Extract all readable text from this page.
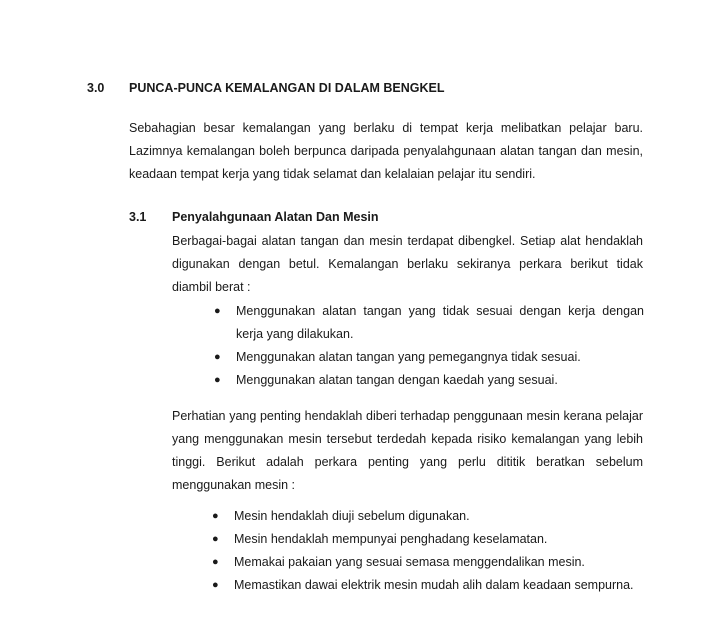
3.0 PUNCA-PUNCA KEMALANGAN DI DALAM BENGKEL
Sebahagian besar kemalangan yang berlaku di tempat kerja melibatkan pelajar baru. Lazimnya kemalangan boleh berpunca daripada penyalahgunaan alatan tangan dan mesin, keadaan tempat kerja yang tidak selamat dan kelalaian pelajar itu sendiri.
3.1 Penyalahgunaan Alatan Dan Mesin
Berbagai-bagai alatan tangan dan mesin terdapat dibengkel. Setiap alat hendaklah digunakan dengan betul. Kemalangan berlaku sekiranya perkara berikut tidak diambil berat :
● Menggunakan alatan tangan yang tidak sesuai dengan kerja dengan kerja yang dilakukan.
● Menggunakan alatan tangan yang pemegangnya tidak sesuai.
● Menggunakan alatan tangan dengan kaedah yang sesuai.
Perhatian yang penting hendaklah diberi terhadap penggunaan mesin kerana pelajar yang menggunakan mesin tersebut terdedah kepada risiko kemalangan yang lebih tinggi. Berikut adalah perkara penting yang perlu dititik beratkan sebelum menggunakan mesin :
● Mesin hendaklah diuji sebelum digunakan.
● Mesin hendaklah mempunyai penghadang keselamatan.
● Memakai pakaian yang sesuai semasa menggendalikan mesin.
● Memastikan dawai elektrik mesin mudah alih dalam keadaan sempurna.
